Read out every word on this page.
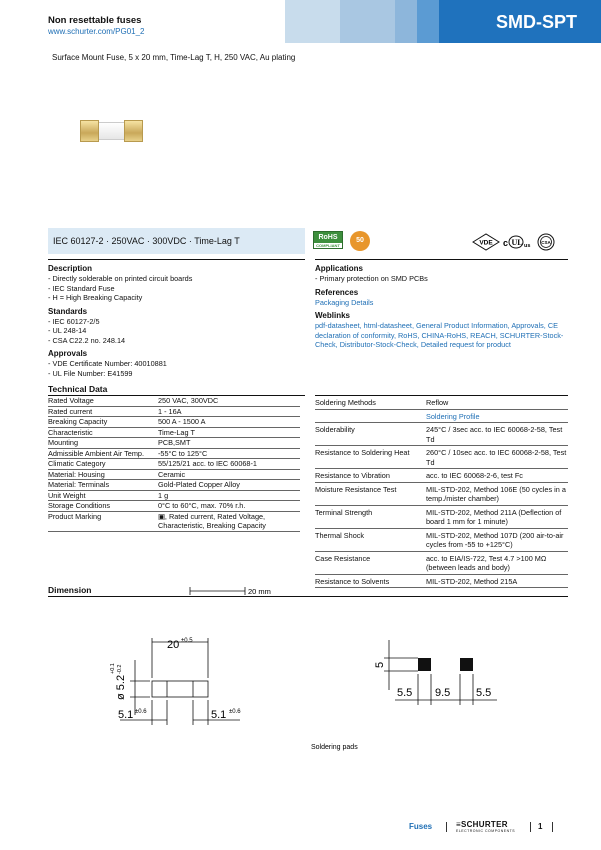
Non resettable fuses
www.schurter.com/PG01_2	SMD-SPT
Surface Mount Fuse, 5 x 20 mm, Time-Lag T, H, 250 VAC, Au plating
IEC 60127-2 · 250VAC · 300VDC · Time-Lag T	RoHS
COMPLIANT
50	VDE c UL us
CSA
Description

- Directly solderable on printed circuit boards

- IEC Standard Fuse

- H = High Breaking Capacity

Standards

- IEC 60127-2/5

- UL 248-14

- CSA C22.2 no. 248.14

Approvals

- VDE Certificate Number: 40010881

- UL File Number: E41599

Applications

- Primary protection on SMD PCBs

References

Packaging Details

Weblinks

pdf-datasheet, html-datasheet, General Product Information, Approvals, CE declaration of conformity, RoHS, CHINA-RoHS, REACH, SCHURTER-Stock-Check, Distributor-Stock-Check, Detailed request for product

Technical Data
Rated Voltage	250 VAC, 300VDC
Rated current	1 - 16A
Breaking Capacity	500 A - 1500 A
Characteristic	Time-Lag T
Mounting	PCB,SMT
Admissible Ambient Air Temp.	-55°C to 125°C
Climatic Category	55/125/21 acc. to IEC 60068-1
Material: Housing	Ceramic
Material: Terminals	Gold-Plated Copper Alloy
Unit Weight	1 g
Storage Conditions	0°C to 60°C, max. 70% r.h.
Product Marking	▣, Rated current, Rated Voltage, Characteristic, Breaking Capacity
Soldering Methods	Reflow
	Soldering Profile
Solderability	245°C / 3sec acc. to IEC 60068-2-58, Test Td
Resistance to Soldering Heat	260°C / 10sec acc. to IEC 60068-2-58, Test Td
Resistance to Vibration	acc. to IEC 60068-2-6, test Fc
Moisture Resistance Test	MIL-STD-202, Method 106E (50 cycles in a temp./mister chamber)
Terminal Strength	MIL-STD-202, Method 211A (Deflection of board 1 mm for 1 minute)
Thermal Shock	MIL-STD-202, Method 107D (200 air-to-air cycles from -55 to +125°C)
Case Resistance	acc. to EIA/IS-722, Test 4.7 >100 MΩ (between leads and body)
Resistance to Solvents	MIL-STD-202, Method 215A
Dimension	20 mm
20 ±0.5
5.1 ±0.6	5.1 ±0.6
ø 5.2
+0.1 -0.2	5
5.5 9.5 5.5
Soldering pads
Fuses	≡SCHURTER
ELECTRONIC COMPONENTS	1
